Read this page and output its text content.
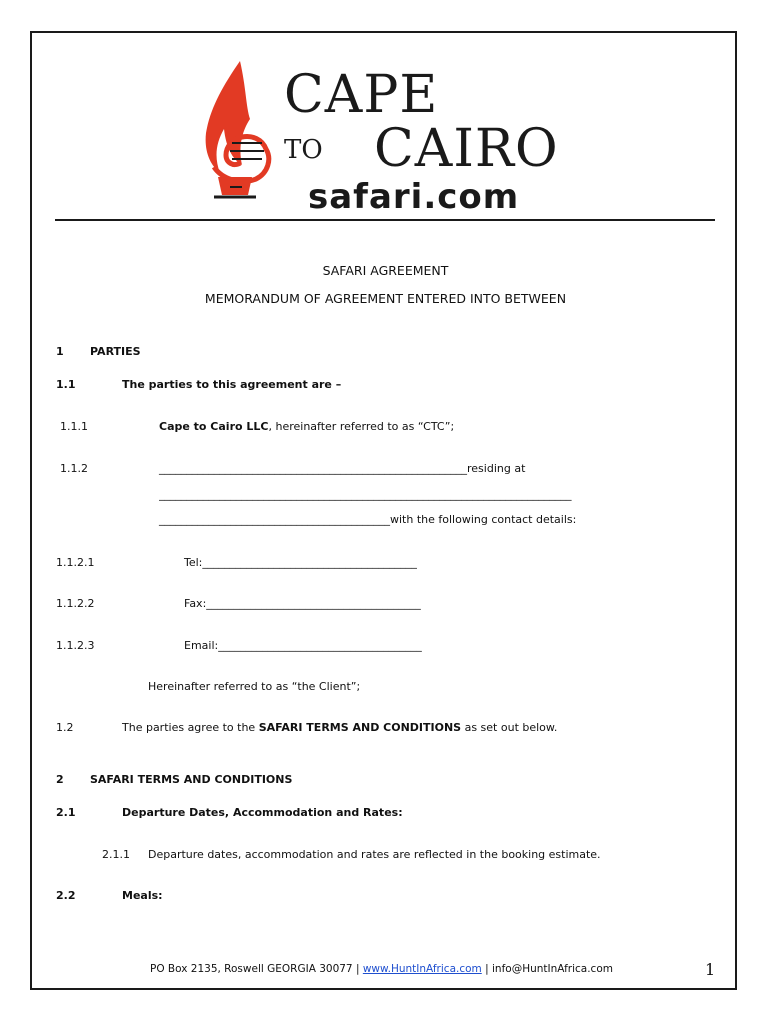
CAPE
TO CAIRO
safari.com
SAFARI AGREEMENT
MEMORANDUM OF AGREEMENT ENTERED INTO BETWEEN
1 PARTIES
1.1	The parties to this agreement are –
1.1.1	Cape to Cairo LLC, hereinafter referred to as “CTC”;
1.1.2	________________________________________________________residing at
___________________________________________________________________________
__________________________________________with the following contact details:
1.1.2.1	Tel:_______________________________________
1.1.2.2	Fax:_______________________________________
1.1.2.3	Email:_____________________________________
Hereinafter referred to as “the Client”;
1.2	The parties agree to the SAFARI TERMS AND CONDITIONS as set out below.
2 SAFARI TERMS AND CONDITIONS
2.1	Departure Dates, Accommodation and Rates:
2.1.1 Departure dates, accommodation and rates are reflected in the booking estimate.
2.2	Meals:
PO Box 2135, Roswell GEORGIA 30077 | www.HuntInAfrica.com | info@HuntInAfrica.com	1
